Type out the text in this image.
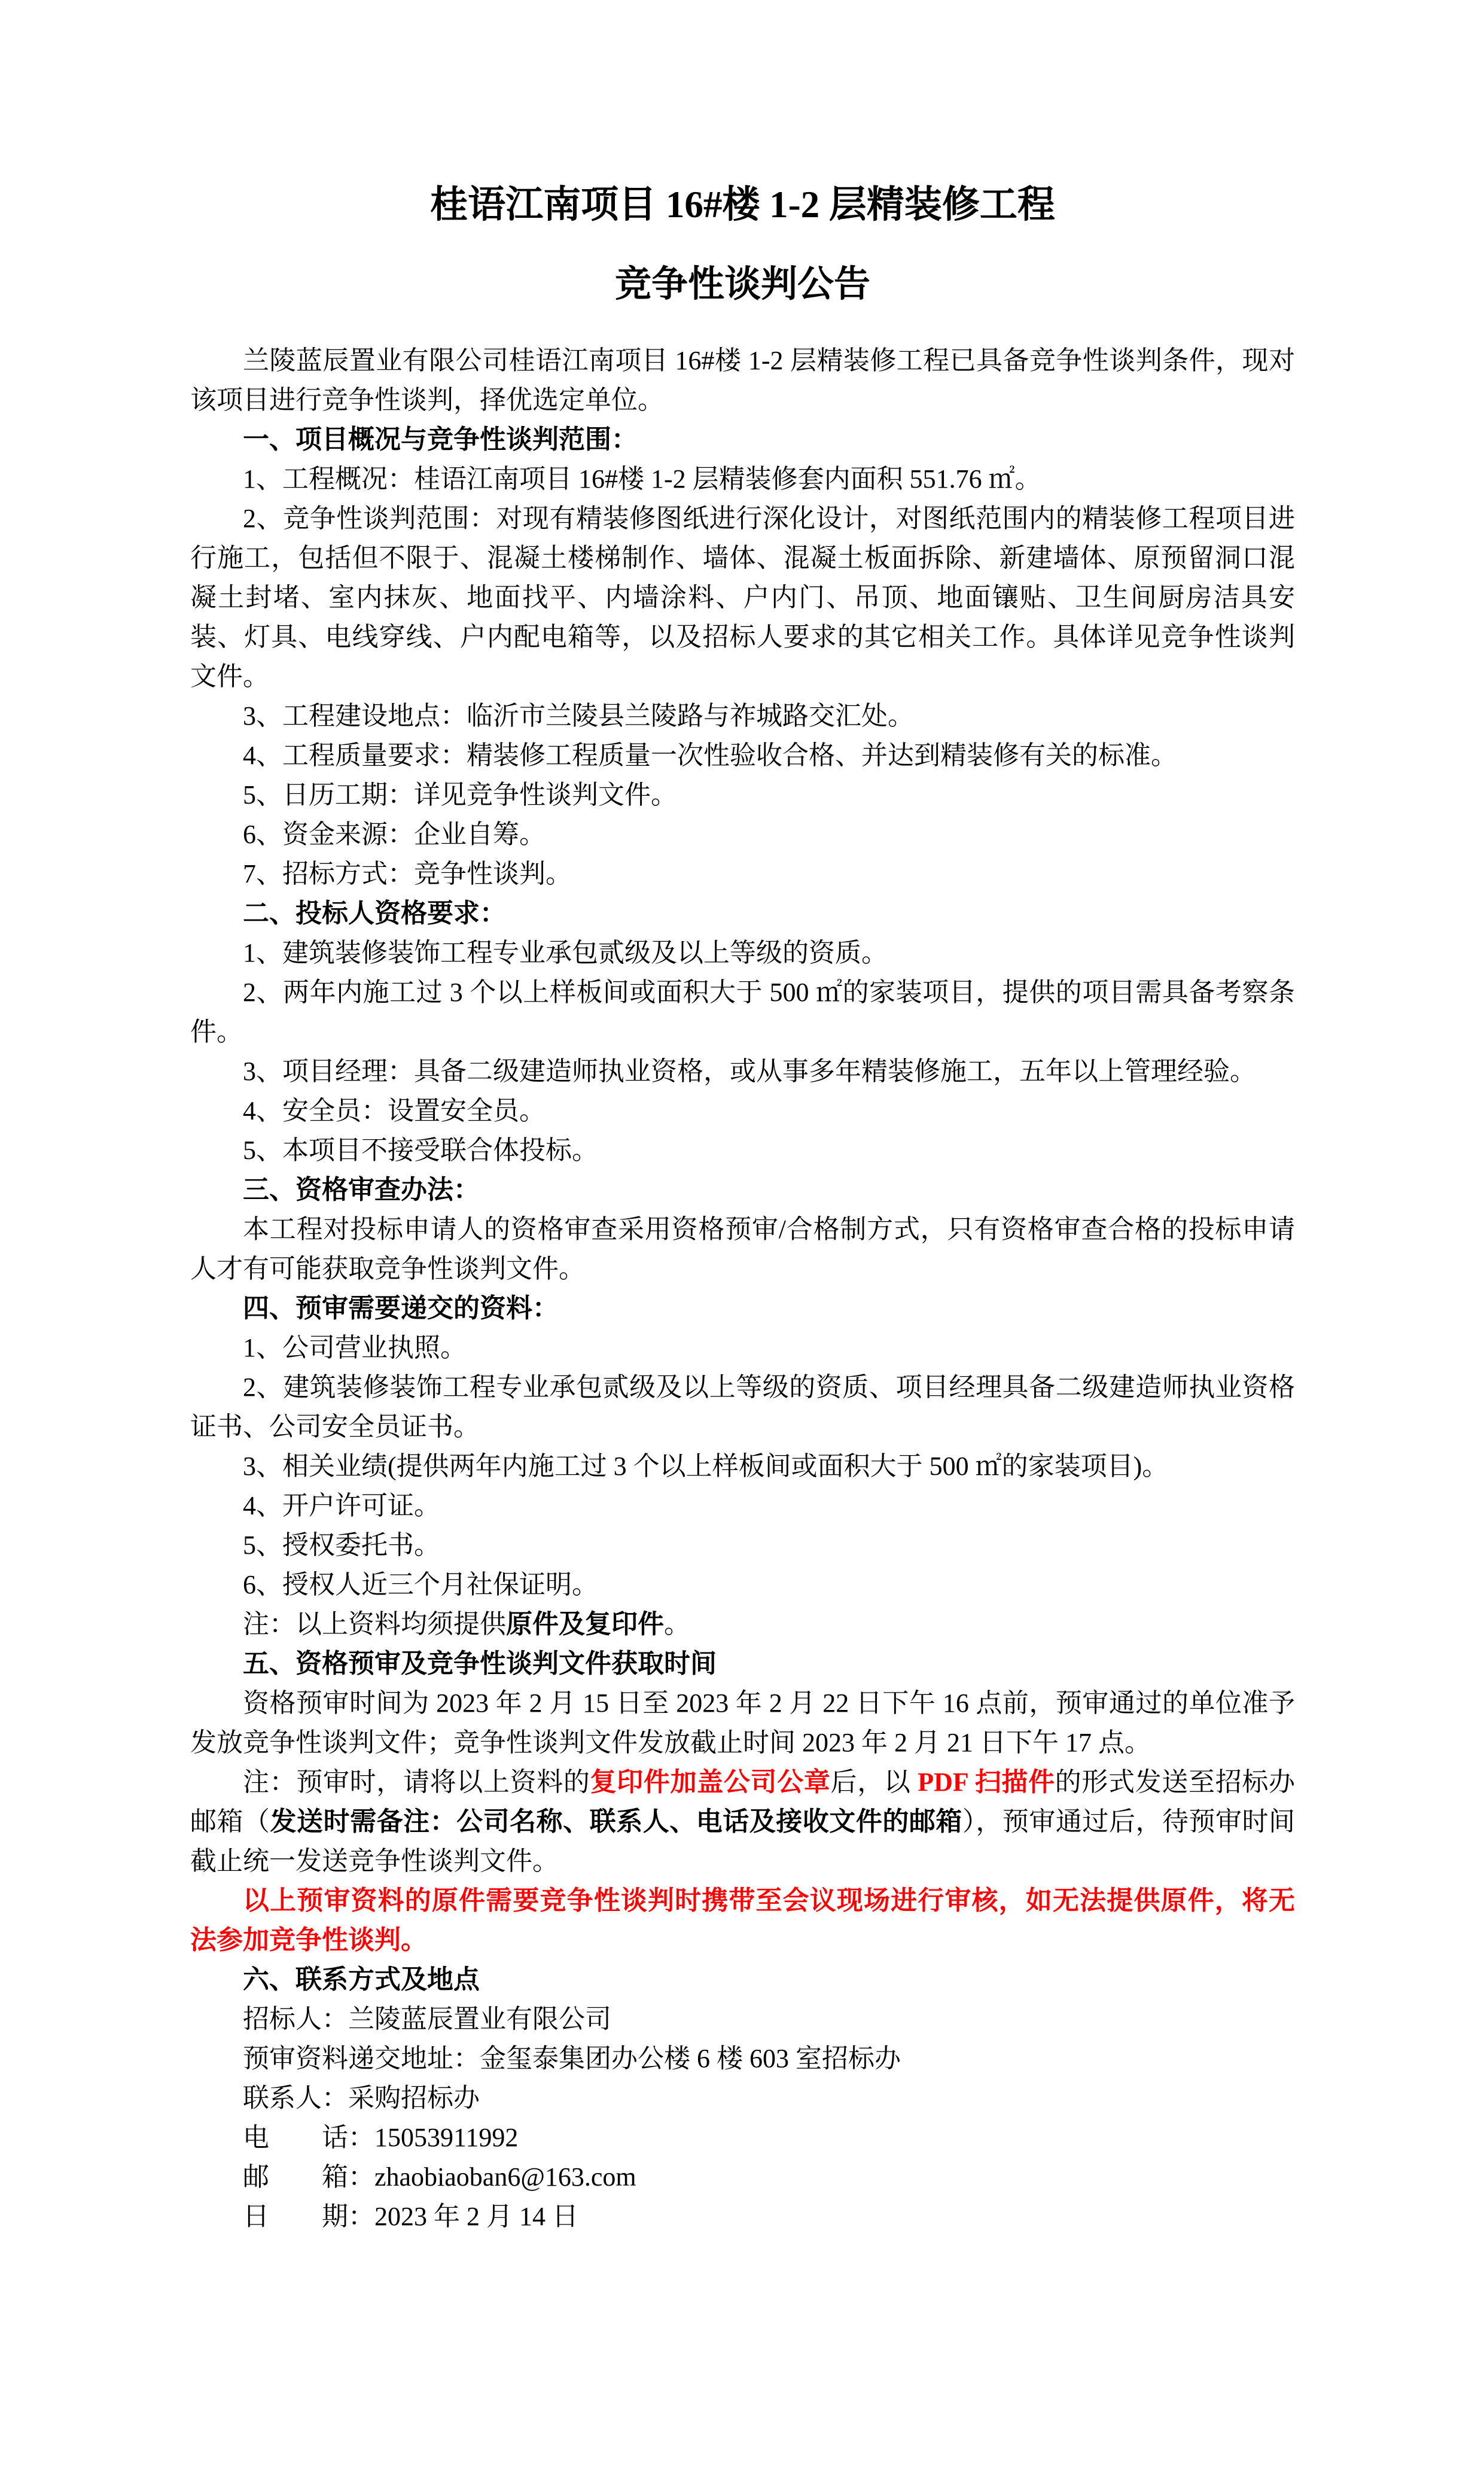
桂语江南项目 16#楼 1-2 层精装修工程
竞争性谈判公告

兰陵蓝辰置业有限公司桂语江南项目 16#楼 1-2 层精装修工程已具备竞争性谈判条件，现对该项目进行竞争性谈判，择优选定单位。

一、项目概况与竞争性谈判范围：

1、工程概况：桂语江南项目 16#楼 1-2 层精装修套内面积 551.76 ㎡。

2、竞争性谈判范围：对现有精装修图纸进行深化设计，对图纸范围内的精装修工程项目进行施工，包括但不限于、混凝土楼梯制作、墙体、混凝土板面拆除、新建墙体、原预留洞口混凝土封堵、室内抹灰、地面找平、内墙涂料、户内门、吊顶、地面镶贴、卫生间厨房洁具安装、灯具、电线穿线、户内配电箱等，以及招标人要求的其它相关工作。具体详见竞争性谈判文件。

3、工程建设地点：临沂市兰陵县兰陵路与祚城路交汇处。

4、工程质量要求：精装修工程质量一次性验收合格、并达到精装修有关的标准。

5、日历工期：详见竞争性谈判文件。

6、资金来源：企业自筹。

7、招标方式：竞争性谈判。

二、投标人资格要求：

1、建筑装修装饰工程专业承包贰级及以上等级的资质。

2、两年内施工过 3 个以上样板间或面积大于 500 ㎡的家装项目，提供的项目需具备考察条件。

3、项目经理：具备二级建造师执业资格，或从事多年精装修施工，五年以上管理经验。

4、安全员：设置安全员。

5、本项目不接受联合体投标。

三、资格审查办法：

本工程对投标申请人的资格审查采用资格预审/合格制方式，只有资格审查合格的投标申请人才有可能获取竞争性谈判文件。

四、预审需要递交的资料：

1、公司营业执照。

2、建筑装修装饰工程专业承包贰级及以上等级的资质、项目经理具备二级建造师执业资格证书、公司安全员证书。

3、相关业绩(提供两年内施工过 3 个以上样板间或面积大于 500 ㎡的家装项目)。

4、开户许可证。

5、授权委托书。

6、授权人近三个月社保证明。

注：以上资料均须提供原件及复印件。

五、资格预审及竞争性谈判文件获取时间

资格预审时间为 2023 年 2 月 15 日至 2023 年 2 月 22 日下午 16 点前，预审通过的单位准予发放竞争性谈判文件；竞争性谈判文件发放截止时间 2023 年 2 月 21 日下午 17 点。

注：预审时，请将以上资料的复印件加盖公司公章后，以 PDF 扫描件的形式发送至招标办邮箱（发送时需备注：公司名称、联系人、电话及接收文件的邮箱），预审通过后，待预审时间截止统一发送竞争性谈判文件。

以上预审资料的原件需要竞争性谈判时携带至会议现场进行审核，如无法提供原件，将无法参加竞争性谈判。

六、联系方式及地点

招标人：兰陵蓝辰置业有限公司

预审资料递交地址：金玺泰集团办公楼 6 楼 603 室招标办

联系人：采购招标办

电　　话：15053911992

邮　　箱：zhaobiaoban6@163.com

日　　期：2023 年 2 月 14 日
